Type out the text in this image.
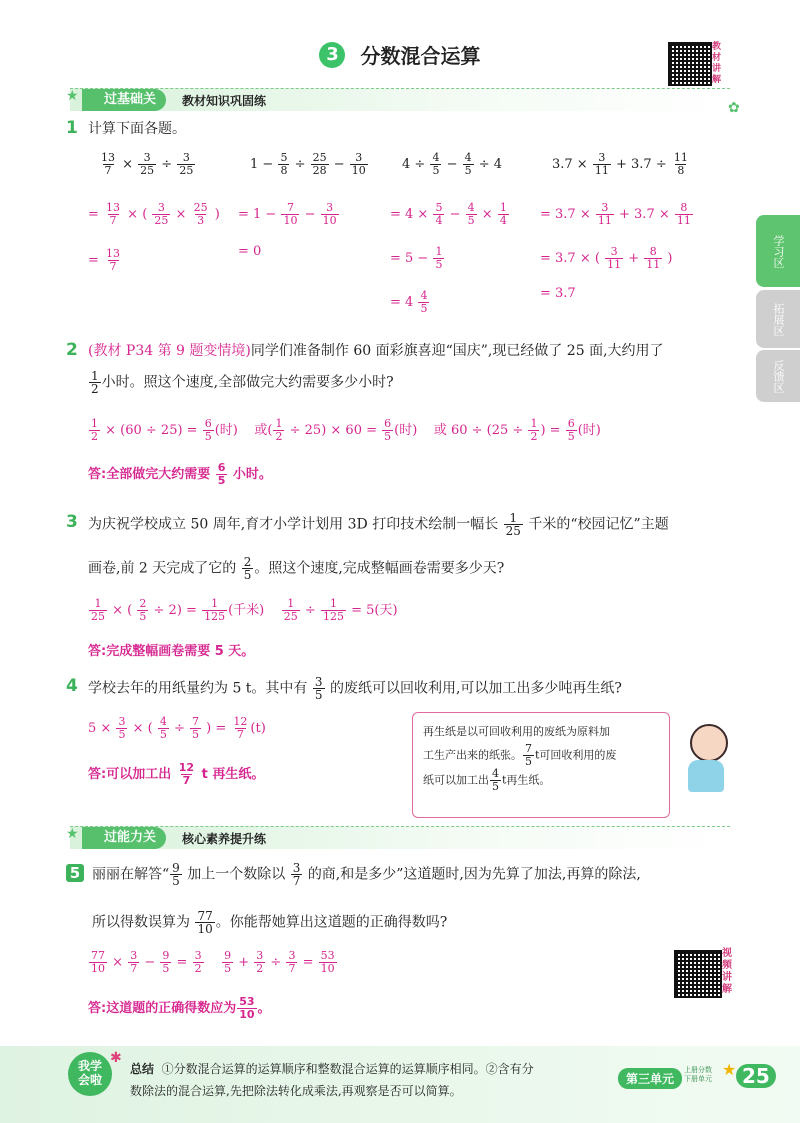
3 分数混合运算	教
材
讲
解
学习区
拓展区
反馈区
★	过基础关	教材知识巩固练	✿
1 计算下面各题。
$\frac{13}{7} \times \frac{3}{25} \div \frac{3}{25}$
= $\frac{13}{7}$ × ( $\frac{3}{25} \times \frac{25}{3}$ )
= $\frac{13}{7}$
$1 - \frac{5}{8} \div \frac{25}{28} - \frac{3}{10}$
= $1 - \frac{7}{10} - \frac{3}{10}$
= 0
$4 \div \frac{4}{5} - \frac{4}{5} \div 4$
= $4 \times \frac{5}{4} - \frac{4}{5} \times \frac{1}{4}$
= $5 - \frac{1}{5}$
= $4 \frac{4}{5}$
$3.7 \times \frac{3}{11} + 3.7 \div \frac{11}{8}$
= $3.7 \times \frac{3}{11} + 3.7 \times \frac{8}{11}$
= 3.7 × ( $\frac{3}{11} + \frac{8}{11}$ )
= 3.7
2 (教材 P34 第 9 题变情境)同学们准备制作 60 面彩旗喜迎“国庆”,现已经做了 25 面,大约用了
$\frac{1}{2}$ 小时。照这个速度,全部做完大约需要多少小时?
$\frac{1}{2} \times (60 \div 25) = \frac{6}{5}$ (时) 或( $\frac{1}{2} \div 25) \times 60 = \frac{6}{5}$ (时) 或 $60 \div (25 \div \frac{1}{2}$ ) = $\frac{6}{5}$ (时)
答:全部做完大约需要 $\frac{6}{5}$ 小时。
3 为庆祝学校成立 50 周年,育才小学计划用 3D 打印技术绘制一幅长 $\frac{1}{25}$ 千米的“校园记忆”主题
画卷,前 2 天完成了它的 $\frac{2}{5}$ 。照这个速度,完成整幅画卷需要多少天?
$\frac{1}{25}$ × ( $\frac{2}{5} \div 2) = \frac{1}{125}$ (千米) $\frac{1}{25} \div \frac{1}{125} = 5$(天)
答:完成整幅画卷需要 5 天。
4 学校去年的用纸量约为 5 t。其中有 $\frac{3}{5}$ 的废纸可以回收利用,可以加工出多少吨再生纸?
$5 \times \frac{3}{5}$ × ( $\frac{4}{5} \div \frac{7}{5}$ ) = $\frac{12}{7} (t)$
答:可以加工出 $\frac{12}{7}$ t 再生纸。
再生纸是以可回收利用的废纸为原料加
工生产出来的纸张。 $\frac{7}{5}$ t可回收利用的废
纸可以加工出 $\frac{4}{5}$ t再生纸。
★	过能力关	核心素养提升练
5 丽丽在解答“ $\frac{9}{5}$ 加上一个数除以 $\frac{3}{7}$ 的商,和是多少”这道题时,因为先算了加法,再算的除法,
所以得数误算为 $\frac{77}{10}$ 。你能帮她算出这道题的正确得数吗?
$\frac{77}{10} \times \frac{3}{7} - \frac{9}{5} = \frac{3}{2}$
$\frac{9}{5} + \frac{3}{2} \div \frac{3}{7} = \frac{53}{10}$
答:这道题的正确得数应为 $\frac{53}{10}$ 。
视
频
讲
解
我学
会啦
✱
总结 ①分数混合运算的运算顺序和整数混合运算的运算顺序相同。②含有分
数除法的混合运算,先把除法转化成乘法,再观察是否可以简算。
第三单元
上册分数
下册单元 ★ 25
